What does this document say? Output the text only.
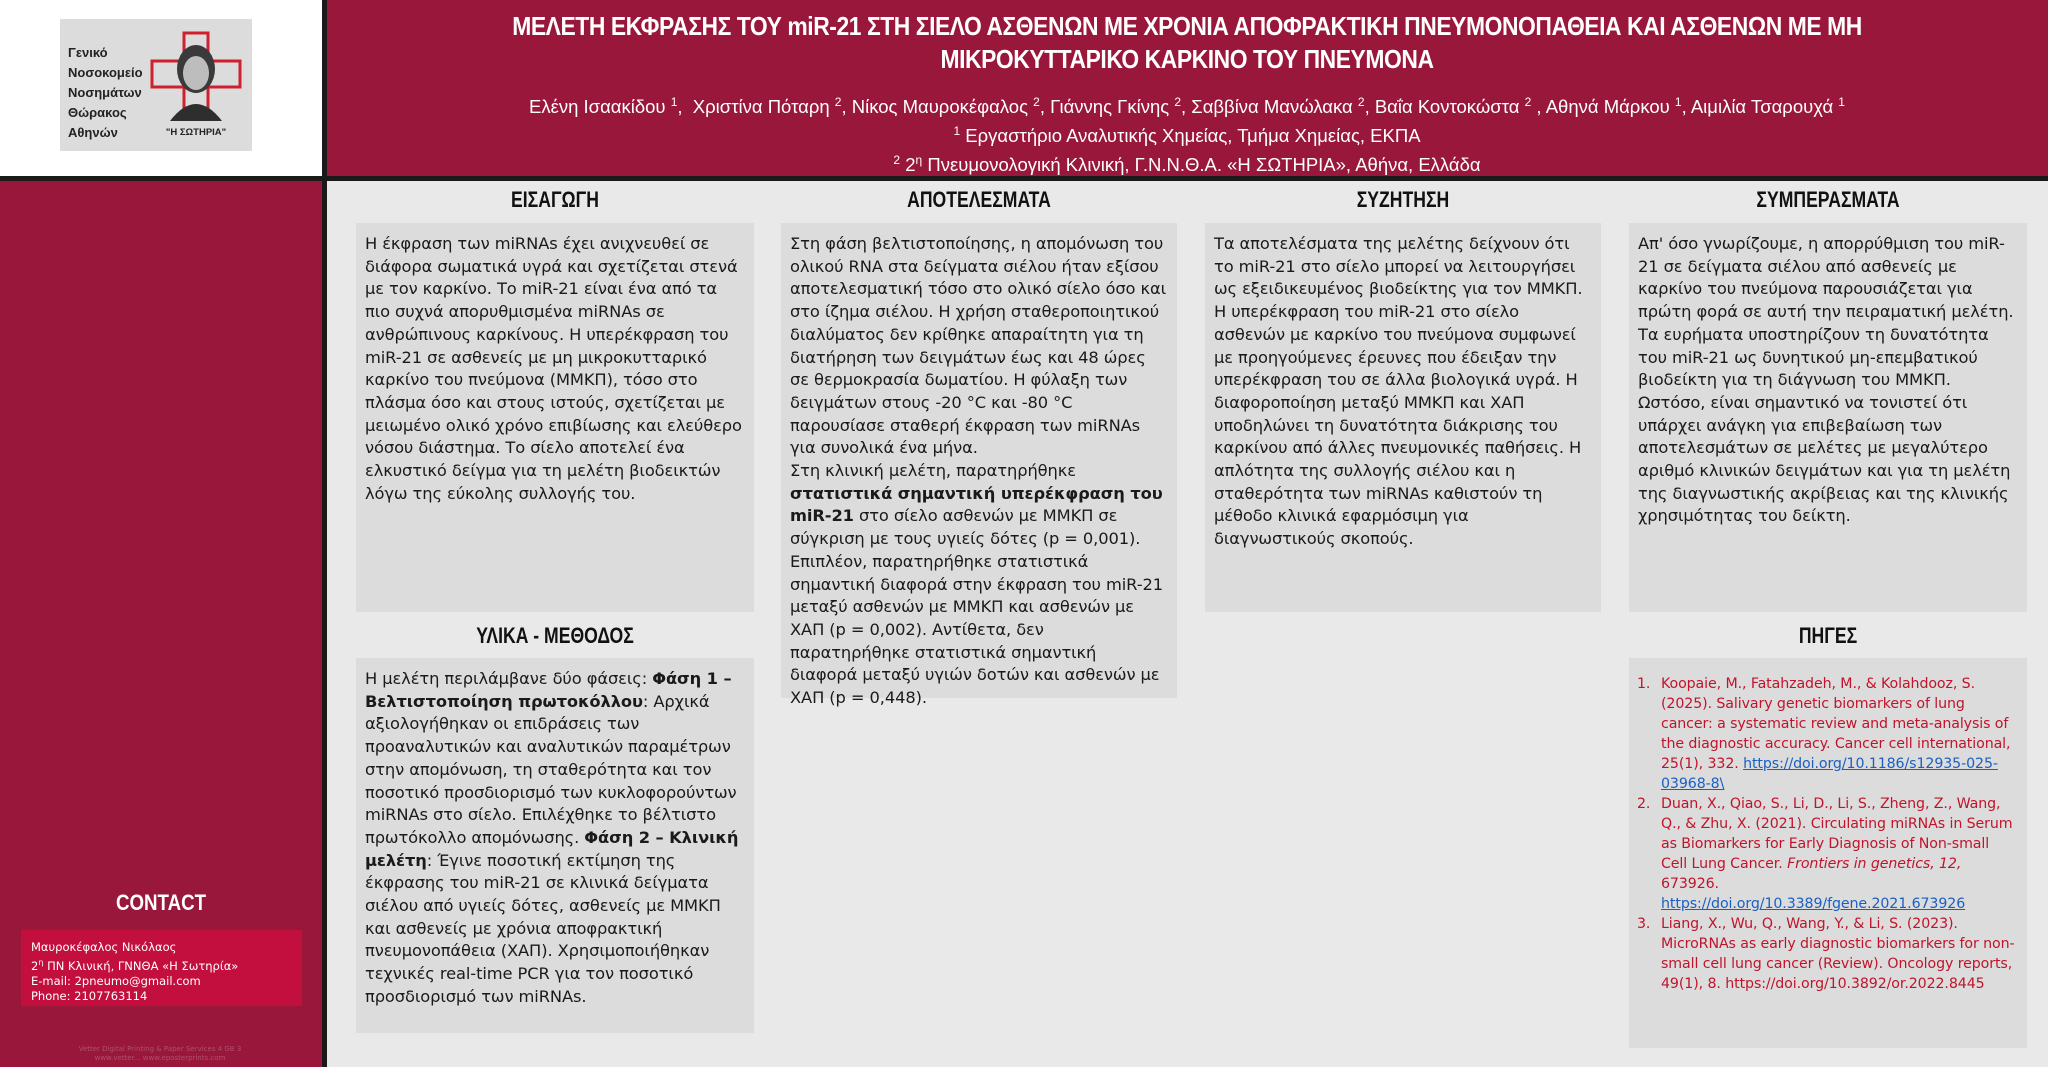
Γενικό
Νοσοκομείο
Νοσημάτων
Θώρακος
Αθηνών	"Η ΣΩΤΗΡΙΑ"
ΜΕΛΕΤΗ ΕΚΦΡΑΣΗΣ ΤΟΥ miR-21 ΣΤΗ ΣΙΕΛΟ ΑΣΘΕΝΩΝ ΜΕ ΧΡΟΝΙΑ ΑΠΟΦΡΑΚΤΙΚΗ ΠΝΕΥΜΟΝΟΠΑΘΕΙΑ ΚΑΙ ΑΣΘΕΝΩΝ ΜΕ ΜΗ
ΜΙΚΡΟΚΥΤΤΑΡΙΚΟ ΚΑΡΚΙΝΟ ΤΟΥ ΠΝΕΥΜΟΝΑ
Ελένη Ισαακίδου $^1$,  Χριστίνα Πόταρη $^2$, Νίκος Μαυροκέφαλος $^2$, Γιάννης Γκίνης $^2$, Σαββίνα Μανώλακα $^2$, Βαΐα Κοντοκώστα $^2$ , Αθηνά Μάρκου $^1$, Αιμιλία Τσαρουχά $^1$
$^1$ Εργαστήριο Αναλυτικής Χημείας, Τμήμα Χημείας, ΕΚΠΑ
$^2$ $2^\eta$ Πνευμονολογική Κλινική, Γ.Ν.Ν.Θ.Α. «Η ΣΩΤΗΡΙΑ», Αθήνα, Ελλάδα
CONTACT
Μαυροκέφαλος Νικόλαος
$2^\eta$ ΠΝ Κλινική, ΓΝΝΘΑ «Η Σωτηρία»
E-mail: 2pneumo@gmail.com
Phone: 2107763114
Vetter Digital Printing & Paper Services 4 GB 3
www.vetter... www.eposterprints.com
ΕΙΣΑΓΩΓΗ
Η έκφραση των miRNAs έχει ανιχνευθεί σε διάφορα σωματικά υγρά και σχετίζεται στενά με τον καρκίνο. Το miR-21 είναι ένα από τα πιο συχνά απορυθμισμένα miRNAs σε ανθρώπινους καρκίνους. Η υπερέκφραση του miR-21 σε ασθενείς με μη μικροκυτταρικό καρκίνο του πνεύμονα (ΜΜΚΠ), τόσο στο πλάσμα όσο και στους ιστούς, σχετίζεται με μειωμένο ολικό χρόνο επιβίωσης και ελεύθερο νόσου διάστημα. Το σίελο αποτελεί ένα ελκυστικό δείγμα για τη μελέτη βιοδεικτών λόγω της εύκολης συλλογής του.
ΥΛΙΚΑ - ΜΕΘΟΔΟΣ
Η μελέτη περιλάμβανε δύο φάσεις: Φάση 1 – Βελτιστοποίηση πρωτοκόλλου: Αρχικά αξιολογήθηκαν οι επιδράσεις των προαναλυτικών και αναλυτικών παραμέτρων στην απομόνωση, τη σταθερότητα και τον ποσοτικό προσδιορισμό των κυκλοφορούντων miRNAs στο σίελο. Επιλέχθηκε το βέλτιστο πρωτόκολλο απομόνωσης. Φάση 2 – Κλινική μελέτη: Έγινε ποσοτική εκτίμηση της έκφρασης του miR-21 σε κλινικά δείγματα σιέλου από υγιείς δότες, ασθενείς με ΜΜΚΠ και ασθενείς με χρόνια αποφρακτική πνευμονοπάθεια (ΧΑΠ). Χρησιμοποιήθηκαν τεχνικές real-time PCR για τον ποσοτικό προσδιορισμό των miRNAs.
ΑΠΟΤΕΛΕΣΜΑΤΑ
Στη φάση βελτιστοποίησης, η απομόνωση του ολικού RNA στα δείγματα σιέλου ήταν εξίσου αποτελεσματική τόσο στο ολικό σίελο όσο και στο ίζημα σιέλου. Η χρήση σταθεροποιητικού διαλύματος δεν κρίθηκε απαραίτητη για τη διατήρηση των δειγμάτων έως και 48 ώρες σε θερμοκρασία δωματίου. Η φύλαξη των δειγμάτων στους -20 °C και -80 °C παρουσίασε σταθερή έκφραση των miRNAs για συνολικά ένα μήνα.
Στη κλινική μελέτη, παρατηρήθηκε στατιστικά σημαντική υπερέκφραση του miR-21 στο σίελο ασθενών με ΜΜΚΠ σε σύγκριση με τους υγιείς δότες (p = 0,001). Επιπλέον, παρατηρήθηκε στατιστικά σημαντική διαφορά στην έκφραση του miR-21 μεταξύ ασθενών με ΜΜΚΠ και ασθενών με ΧΑΠ (p = 0,002). Αντίθετα, δεν παρατηρήθηκε στατιστικά σημαντική διαφορά μεταξύ υγιών δοτών και ασθενών με ΧΑΠ (p = 0,448).
ΣΥΖΗΤΗΣΗ
Τα αποτελέσματα της μελέτης δείχνουν ότι το miR-21 στο σίελο μπορεί να λειτουργήσει ως εξειδικευμένος βιοδείκτης για τον ΜΜΚΠ. Η υπερέκφραση του miR-21 στο σίελο ασθενών με καρκίνο του πνεύμονα συμφωνεί με προηγούμενες έρευνες που έδειξαν την υπερέκφραση του σε άλλα βιολογικά υγρά. Η διαφοροποίηση μεταξύ ΜΜΚΠ και ΧΑΠ υποδηλώνει τη δυνατότητα διάκρισης του καρκίνου από άλλες πνευμονικές παθήσεις. Η απλότητα της συλλογής σιέλου και η σταθερότητα των miRNAs καθιστούν τη μέθοδο κλινικά εφαρμόσιμη για διαγνωστικούς σκοπούς.
ΣΥΜΠΕΡΑΣΜΑΤΑ
Απ' όσο γνωρίζουμε, η απορρύθμιση του miR-21 σε δείγματα σιέλου από ασθενείς με καρκίνο του πνεύμονα παρουσιάζεται για πρώτη φορά σε αυτή την πειραματική μελέτη. Τα ευρήματα υποστηρίζουν τη δυνατότητα του miR-21 ως δυνητικού μη-επεμβατικού βιοδείκτη για τη διάγνωση του ΜΜΚΠ. Ωστόσο, είναι σημαντικό να τονιστεί ότι υπάρχει ανάγκη για επιβεβαίωση των αποτελεσμάτων σε μελέτες με μεγαλύτερο αριθμό κλινικών δειγμάτων και για τη μελέτη της διαγνωστικής ακρίβειας και της κλινικής χρησιμότητας του δείκτη.
ΠΗΓΕΣ
1. Koopaie, M., Fatahzadeh, M., & Kolahdooz, S. (2025). Salivary genetic biomarkers of lung cancer: a systematic review and meta-analysis of the diagnostic accuracy. Cancer cell international, 25(1), 332. https://doi.org/10.1186/s12935-025-03968-8\
2. Duan, X., Qiao, S., Li, D., Li, S., Zheng, Z., Wang, Q., & Zhu, X. (2021). Circulating miRNAs in Serum as Biomarkers for Early Diagnosis of Non-small Cell Lung Cancer. Frontiers in genetics, 12, 673926. https://doi.org/10.3389/fgene.2021.673926
3. Liang, X., Wu, Q., Wang, Y., & Li, S. (2023). MicroRNAs as early diagnostic biomarkers for non-small cell lung cancer (Review). Oncology reports, 49(1), 8. https://doi.org/10.3892/or.2022.8445
